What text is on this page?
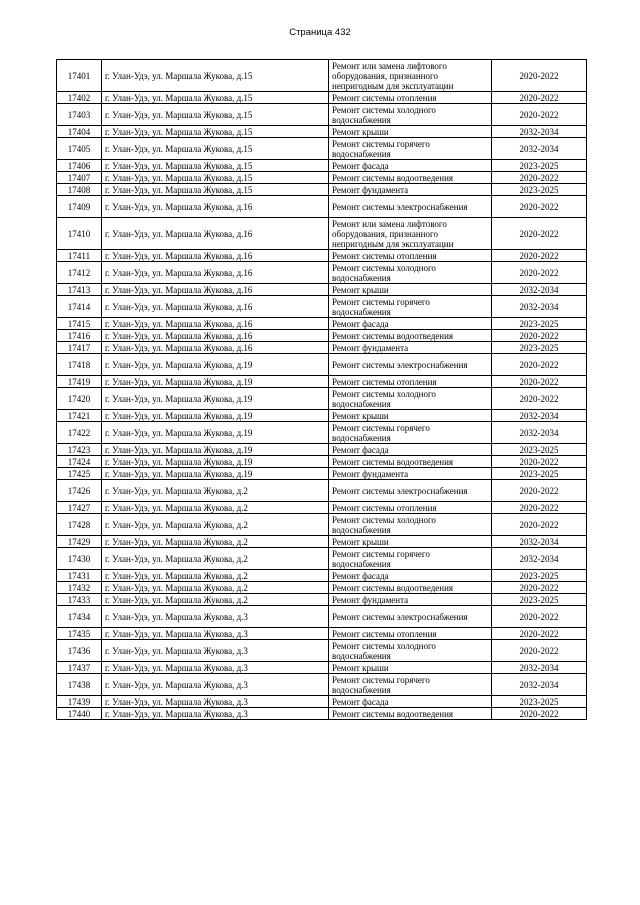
Страница 432
17401	г. Улан-Удэ, ул. Маршала Жукова, д.15	Ремонт или замена лифтового оборудования, признанного непригодным для эксплуатации	2020-2022
17402	г. Улан-Удэ, ул. Маршала Жукова, д.15	Ремонт системы отопления	2020-2022
17403	г. Улан-Удэ, ул. Маршала Жукова, д.15	Ремонт системы холодного водоснабжения	2020-2022
17404	г. Улан-Удэ, ул. Маршала Жукова, д.15	Ремонт крыши	2032-2034
17405	г. Улан-Удэ, ул. Маршала Жукова, д.15	Ремонт системы горячего водоснабжения	2032-2034
17406	г. Улан-Удэ, ул. Маршала Жукова, д.15	Ремонт фасада	2023-2025
17407	г. Улан-Удэ, ул. Маршала Жукова, д.15	Ремонт системы водоотведения	2020-2022
17408	г. Улан-Удэ, ул. Маршала Жукова, д.15	Ремонт фундамента	2023-2025
17409	г. Улан-Удэ, ул. Маршала Жукова, д.16	Ремонт системы электроснабжения	2020-2022
17410	г. Улан-Удэ, ул. Маршала Жукова, д.16	Ремонт или замена лифтового оборудования, признанного непригодным для эксплуатации	2020-2022
17411	г. Улан-Удэ, ул. Маршала Жукова, д.16	Ремонт системы отопления	2020-2022
17412	г. Улан-Удэ, ул. Маршала Жукова, д.16	Ремонт системы холодного водоснабжения	2020-2022
17413	г. Улан-Удэ, ул. Маршала Жукова, д.16	Ремонт крыши	2032-2034
17414	г. Улан-Удэ, ул. Маршала Жукова, д.16	Ремонт системы горячего водоснабжения	2032-2034
17415	г. Улан-Удэ, ул. Маршала Жукова, д.16	Ремонт фасада	2023-2025
17416	г. Улан-Удэ, ул. Маршала Жукова, д.16	Ремонт системы водоотведения	2020-2022
17417	г. Улан-Удэ, ул. Маршала Жукова, д.16	Ремонт фундамента	2023-2025
17418	г. Улан-Удэ, ул. Маршала Жукова, д.19	Ремонт системы электроснабжения	2020-2022
17419	г. Улан-Удэ, ул. Маршала Жукова, д.19	Ремонт системы отопления	2020-2022
17420	г. Улан-Удэ, ул. Маршала Жукова, д.19	Ремонт системы холодного водоснабжения	2020-2022
17421	г. Улан-Удэ, ул. Маршала Жукова, д.19	Ремонт крыши	2032-2034
17422	г. Улан-Удэ, ул. Маршала Жукова, д.19	Ремонт системы горячего водоснабжения	2032-2034
17423	г. Улан-Удэ, ул. Маршала Жукова, д.19	Ремонт фасада	2023-2025
17424	г. Улан-Удэ, ул. Маршала Жукова, д.19	Ремонт системы водоотведения	2020-2022
17425	г. Улан-Удэ, ул. Маршала Жукова, д.19	Ремонт фундамента	2023-2025
17426	г. Улан-Удэ, ул. Маршала Жукова, д.2	Ремонт системы электроснабжения	2020-2022
17427	г. Улан-Удэ, ул. Маршала Жукова, д.2	Ремонт системы отопления	2020-2022
17428	г. Улан-Удэ, ул. Маршала Жукова, д.2	Ремонт системы холодного водоснабжения	2020-2022
17429	г. Улан-Удэ, ул. Маршала Жукова, д.2	Ремонт крыши	2032-2034
17430	г. Улан-Удэ, ул. Маршала Жукова, д.2	Ремонт системы горячего водоснабжения	2032-2034
17431	г. Улан-Удэ, ул. Маршала Жукова, д.2	Ремонт фасада	2023-2025
17432	г. Улан-Удэ, ул. Маршала Жукова, д.2	Ремонт системы водоотведения	2020-2022
17433	г. Улан-Удэ, ул. Маршала Жукова, д.2	Ремонт фундамента	2023-2025
17434	г. Улан-Удэ, ул. Маршала Жукова, д.3	Ремонт системы электроснабжения	2020-2022
17435	г. Улан-Удэ, ул. Маршала Жукова, д.3	Ремонт системы отопления	2020-2022
17436	г. Улан-Удэ, ул. Маршала Жукова, д.3	Ремонт системы холодного водоснабжения	2020-2022
17437	г. Улан-Удэ, ул. Маршала Жукова, д.3	Ремонт крыши	2032-2034
17438	г. Улан-Удэ, ул. Маршала Жукова, д.3	Ремонт системы горячего водоснабжения	2032-2034
17439	г. Улан-Удэ, ул. Маршала Жукова, д.3	Ремонт фасада	2023-2025
17440	г. Улан-Удэ, ул. Маршала Жукова, д.3	Ремонт системы водоотведения	2020-2022
